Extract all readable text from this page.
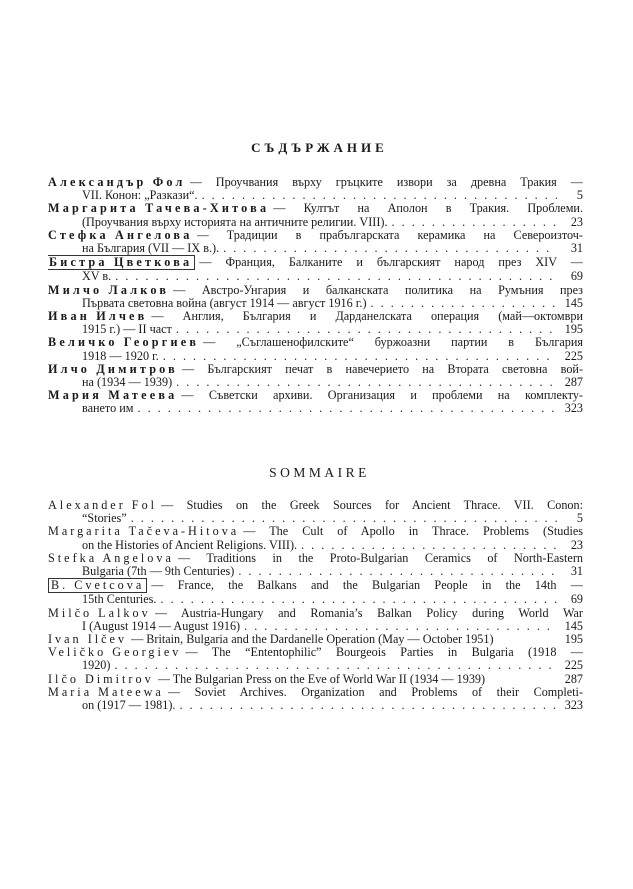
СЪДЪРЖАНИЕ
Александър Фол — Проучвания върху гръцките извори за древна Тракия —
VII. Конон: „Разкази“. . . .	5
Маргарита Тачева-Хитова — Култът на Аполон в Тракия. Проблеми.
(Проучвания върху историята на античните религии. VIII). . . .	23
Стефка Ангелова — Традиции в прабългарската керамика на Североизточ-
на България (VII — IX в.). . . .	31
Бистра Цветкова — Франция, Балканите и българският народ през XIV —
XV в. . . .	69
Милчо Лалков — Австро-Унгария и балканската политика на Румъния през
Първата световна война (август 1914 — август 1916 г.) . . .	145
Иван Илчев — Англия, България и Дарданелската операция (май—октомври
1915 г.) — II част . . .	195
Величко Георгиев — „Съглашенофилските“ буржоазни партии в България
1918 — 1920 г. . . .	225
Илчо Димитров — Българският печат в навечерието на Втората световна вой-
на (1934 — 1939) . . .	287
Мария Матеева — Съветски архиви. Организация и проблеми на комплекту-
ването им . . .	323
SOMMAIRE
Alexander Fol — Studies on the Greek Sources for Ancient Thrace. VII. Conon:
“Stories” . . .	5
Margarita Tačeva-Hitova — The Cult of Apollo in Thrace. Problems (Studies
on the Histories of Ancient Religions. VIII). . . .	23
Stefka Angelova — Traditions in the Proto-Bulgarian Ceramics of North-Eastern
Bulgaria (7th — 9th Centuries) . . .	31
B. Cvetcova — France, the Balkans and the Bulgarian People in the 14th —
15th Centuries. . . .	69
Milčo Lalkov — Austria-Hungary and Romania’s Balkan Policy during World War
I (August 1914 — August 1916) . . .	145
Ivan Ilčev — Britain, Bulgaria and the Dardanelle Operation (May — October 1951)	195
Veličko Georgiev — The “Ententophilic” Bourgeois Parties in Bulgaria (1918 —
1920) . . .	225
Ilčo Dimitrov — The Bulgarian Press on the Eve of World War II (1934 — 1939)	287
Maria Mateewa — Soviet Archives. Organization and Problems of their Completi-
on (1917 — 1981). . . .	323
